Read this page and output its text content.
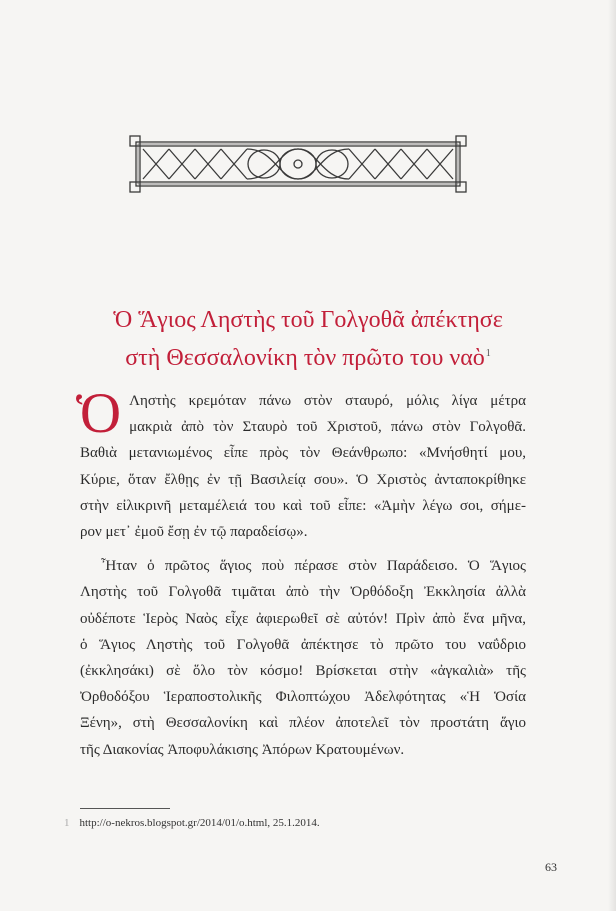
Ὁ Ἅγιος Ληστὴς τοῦ Γολγοθᾶ ἀπέκτησε
στὴ Θεσσαλονίκη τὸν πρῶτο του ναὸ$^1$
Ὁ Ληστὴς κρεμόταν πάνω στὸν σταυρό, μόλις λίγα μέτρα
μακριὰ ἀπὸ τὸν Σταυρὸ τοῦ Χριστοῦ, πάνω στὸν Γολγοθᾶ.
Βαθιὰ μετανιωμένος εἶπε πρὸς τὸν Θεάνθρωπο: «Μνήσθητί μου,
Κύριε, ὅταν ἔλθῃς ἐν τῇ Βασιλείᾳ σου». Ὁ Χριστὸς ἀνταποκρίθηκε
στὴν εἰλικρινῆ μεταμέλειά του καὶ τοῦ εἶπε: «Ἀμὴν λέγω σοι, σήμε-
ρον μετ᾽ ἐμοῦ ἔσῃ ἐν τῷ παραδείσῳ».
Ἦταν ὁ πρῶτος ἅγιος ποὺ πέρασε στὸν Παράδεισο. Ὁ Ἅγιος
Ληστὴς τοῦ Γολγοθᾶ τιμᾶται ἀπὸ τὴν Ὀρθόδοξη Ἐκκλησία ἀλλὰ
οὐδέποτε Ἱερὸς Ναὸς εἶχε ἀφιερωθεῖ σὲ αὐτόν! Πρὶν ἀπὸ ἕνα μῆνα,
ὁ Ἅγιος Ληστὴς τοῦ Γολγοθᾶ ἀπέκτησε τὸ πρῶτο του ναΰδριο
(ἐκκλησάκι) σὲ ὅλο τὸν κόσμο! Βρίσκεται στὴν «ἀγκαλιὰ» τῆς
Ὀρθοδόξου Ἱεραποστολικῆς Φιλοπτώχου Ἀδελφότητας «Ἡ Ὁσία
Ξένη», στὴ Θεσσαλονίκη καὶ πλέον ἀποτελεῖ τὸν προστάτη ἅγιο
τῆς Διακονίας Ἀποφυλάκισης Ἀπόρων Κρατουμένων.
1 http://o-nekros.blogspot.gr/2014/01/o.html, 25.1.2014.
63
